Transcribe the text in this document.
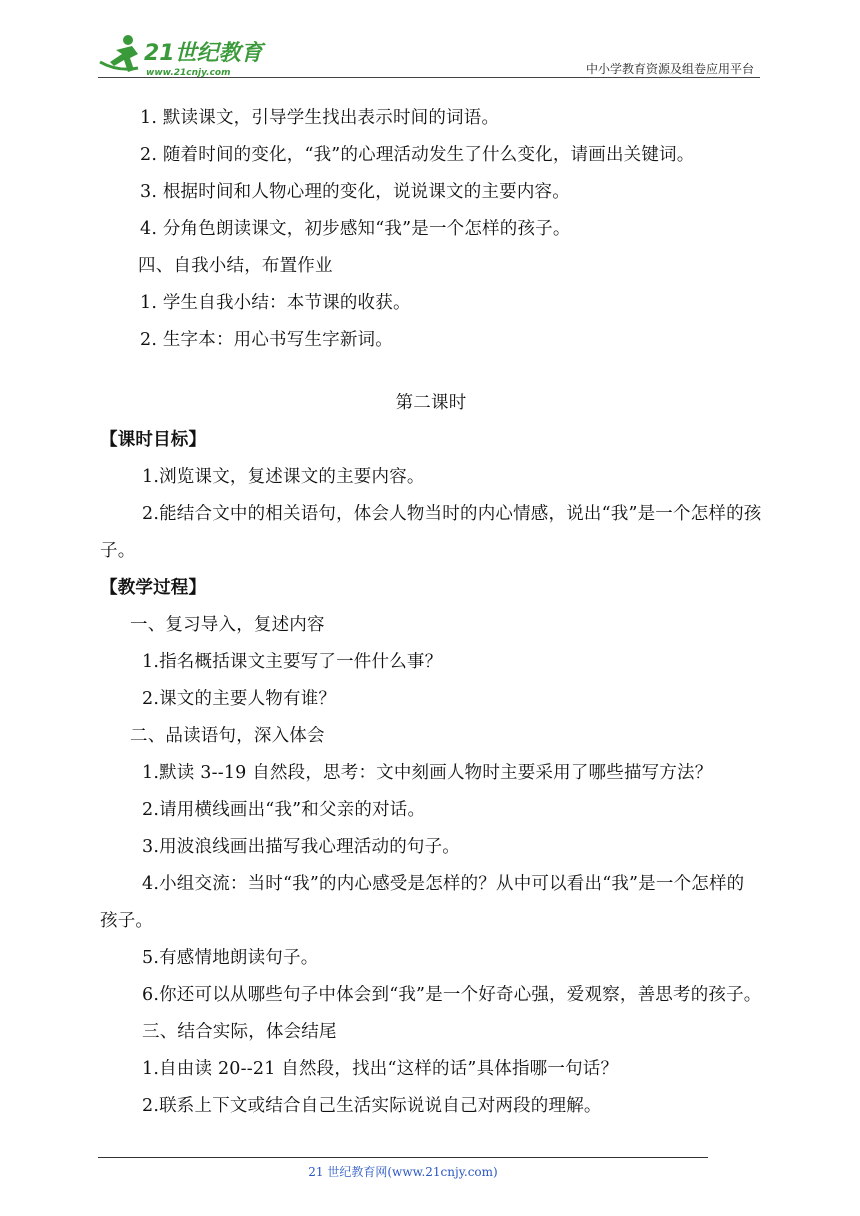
21世纪教育
www.21cnjy.com	中小学教育资源及组卷应用平台
1. 默读课文，引导学生找出表示时间的词语。
2. 随着时间的变化，“我”的心理活动发生了什么变化，请画出关键词。
3. 根据时间和人物心理的变化，说说课文的主要内容。
4. 分角色朗读课文，初步感知“我”是一个怎样的孩子。
四、自我小结，布置作业
1. 学生自我小结：本节课的收获。
2. 生字本：用心书写生字新词。
第二课时
【课时目标】
1.浏览课文，复述课文的主要内容。
2.能结合文中的相关语句，体会人物当时的内心情感，说出“我”是一个怎样的孩子。
【教学过程】
一、复习导入，复述内容
1.指名概括课文主要写了一件什么事？
2.课文的主要人物有谁？
二、品读语句，深入体会
1.默读 3--19 自然段，思考：文中刻画人物时主要采用了哪些描写方法？
2.请用横线画出“我”和父亲的对话。
3.用波浪线画出描写我心理活动的句子。
4.小组交流：当时“我”的内心感受是怎样的？从中可以看出“我”是一个怎样的孩子。
5.有感情地朗读句子。
6.你还可以从哪些句子中体会到“我”是一个好奇心强，爱观察，善思考的孩子。
三、结合实际，体会结尾
1.自由读 20--21 自然段，找出“这样的话”具体指哪一句话？
2.联系上下文或结合自己生活实际说说自己对两段的理解。
21 世纪教育网(www.21cnjy.com)
